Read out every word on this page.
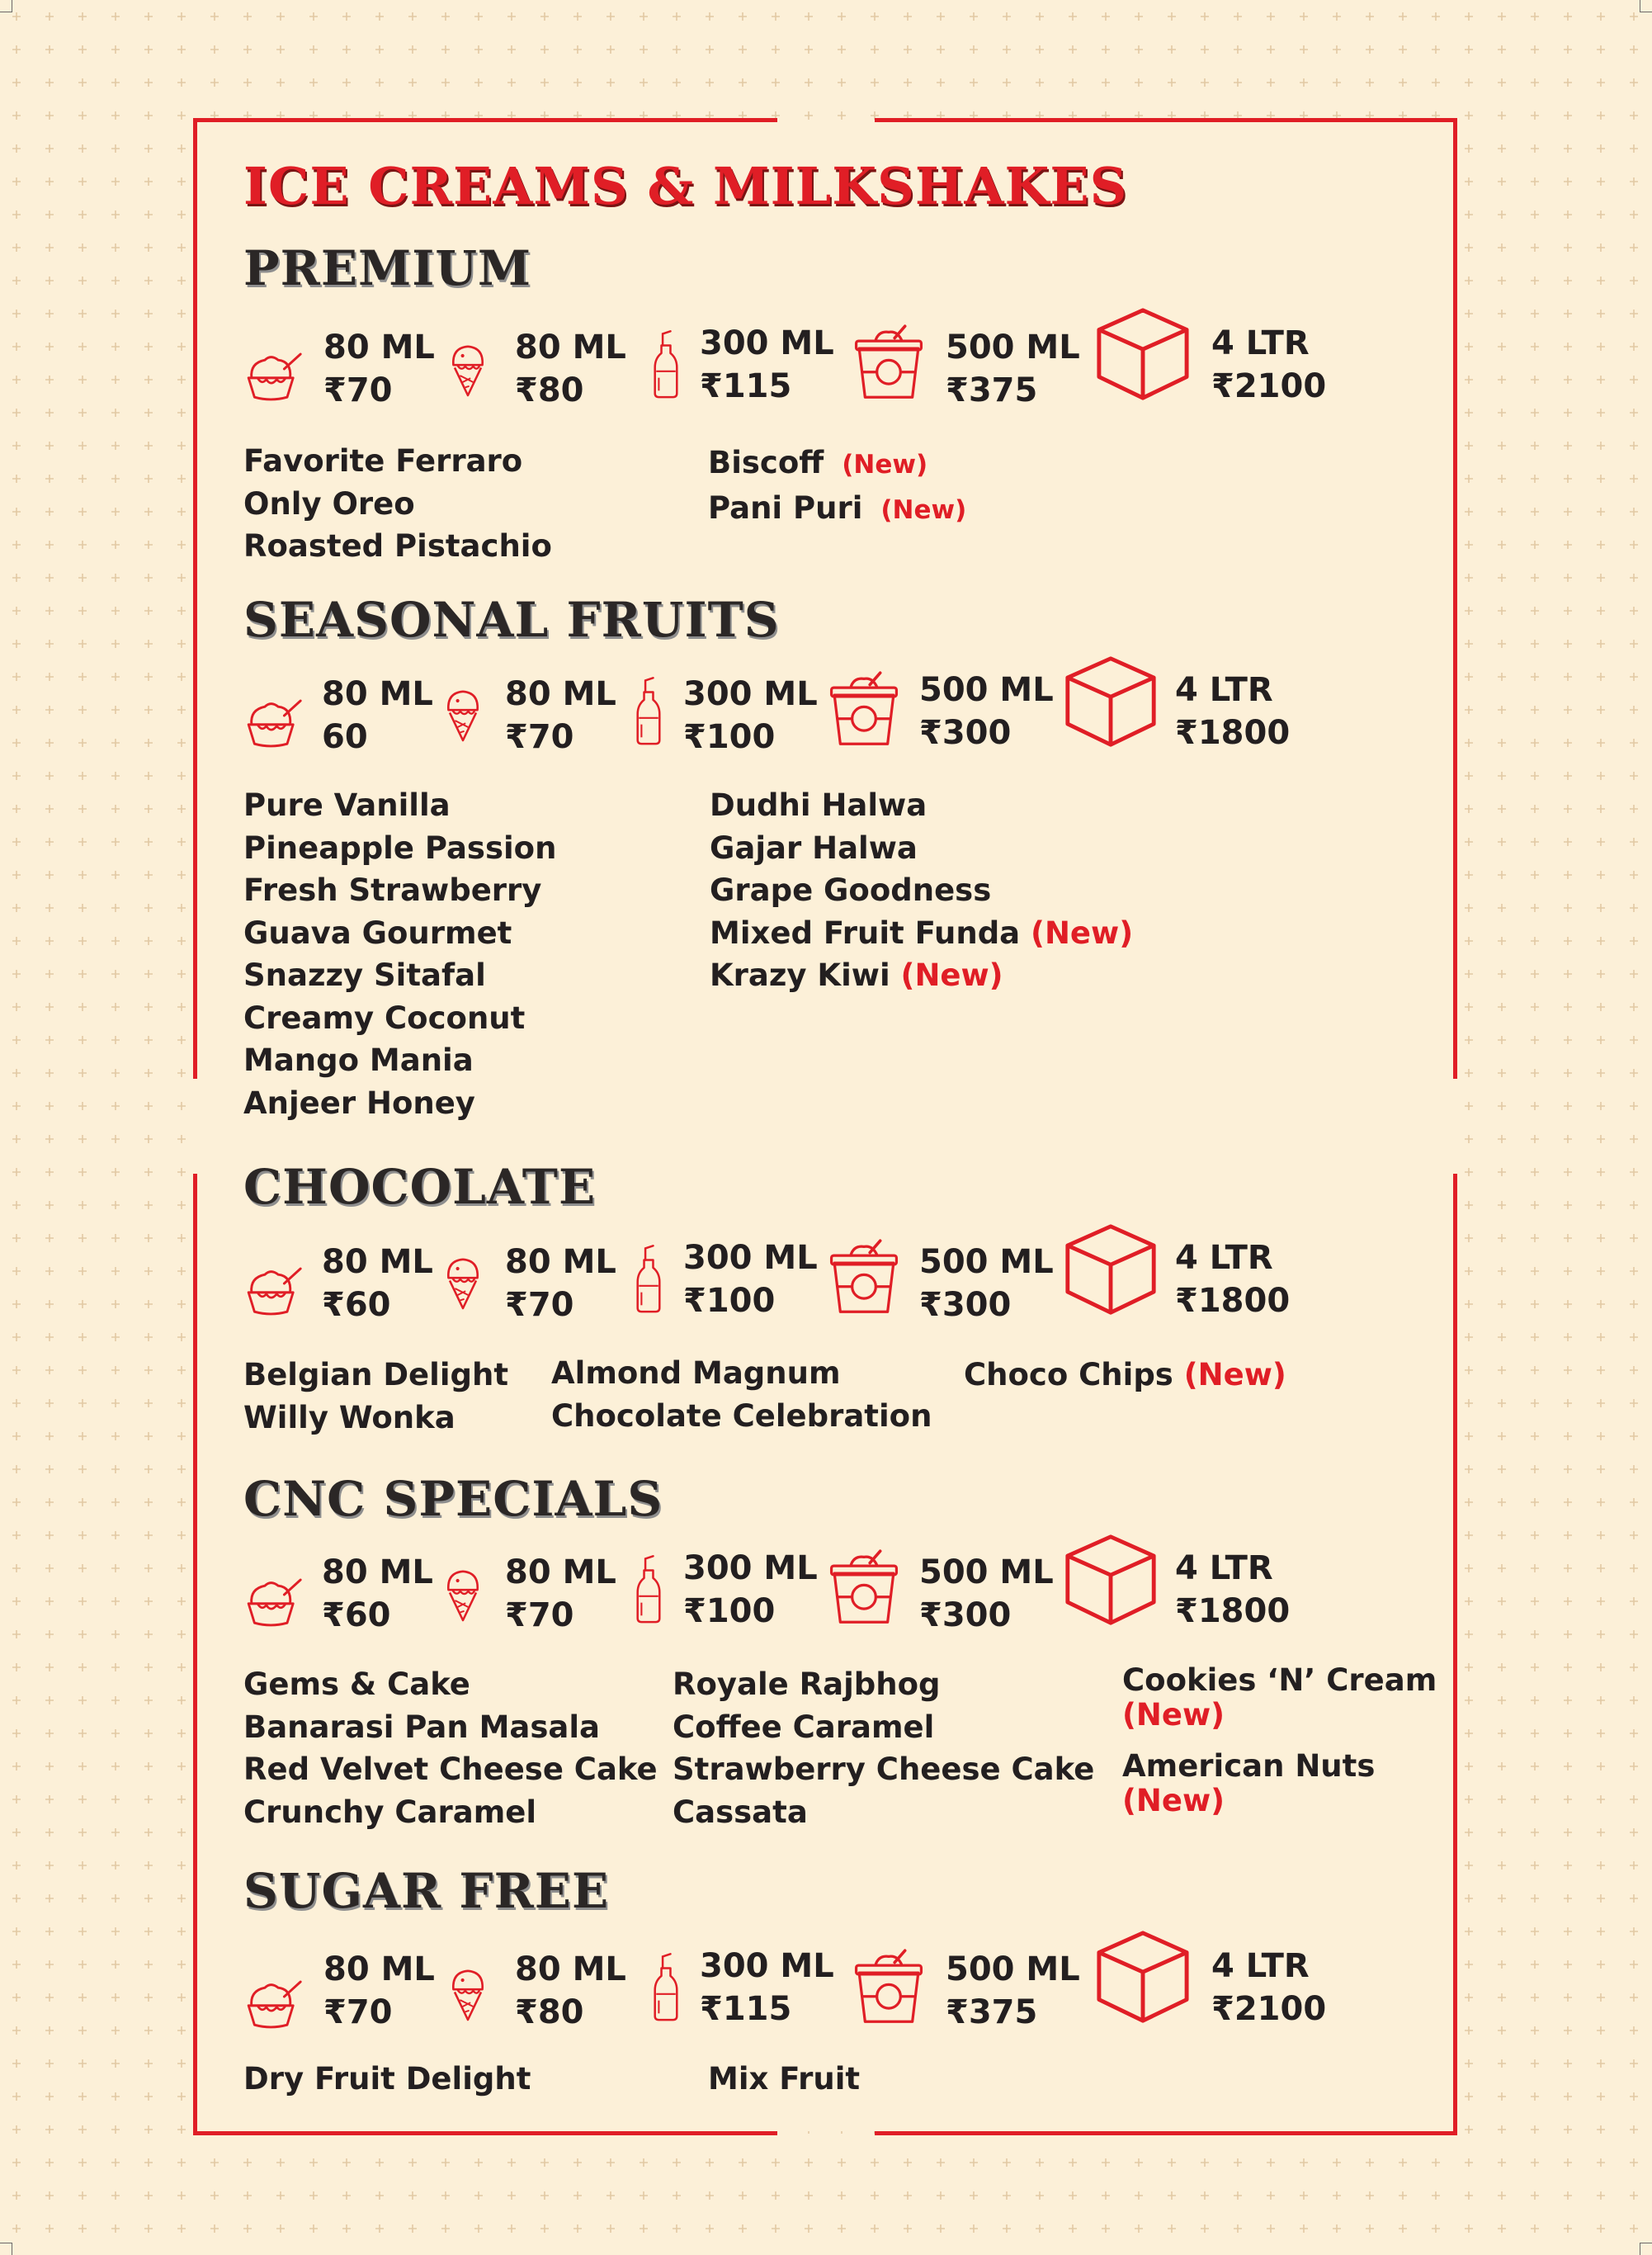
ICE CREAMS & MILKSHAKES
PREMIUM
80 ML
₹70
80 ML
₹80
300 ML
₹115
500 ML
₹375
4 LTR
₹2100
Favorite Ferraro
Only Oreo
Roasted Pistachio
Biscoff (New)
Pani Puri (New)
SEASONAL FRUITS
80 ML
60
80 ML
₹70
300 ML
₹100
500 ML
₹300
4 LTR
₹1800
Pure Vanilla
Pineapple Passion
Fresh Strawberry
Guava Gourmet
Snazzy Sitafal
Creamy Coconut
Mango Mania
Anjeer Honey
Dudhi Halwa
Gajar Halwa
Grape Goodness
Mixed Fruit Funda (New)
Krazy Kiwi (New)
CHOCOLATE
80 ML
₹60
80 ML
₹70
300 ML
₹100
500 ML
₹300
4 LTR
₹1800
Belgian Delight
Willy Wonka
Almond Magnum
Chocolate Celebration
Choco Chips (New)
CNC SPECIALS
80 ML
₹60
80 ML
₹70
300 ML
₹100
500 ML
₹300
4 LTR
₹1800
Gems & Cake
Banarasi Pan Masala
Red Velvet Cheese Cake
Crunchy Caramel
Royale Rajbhog
Coffee Caramel
Strawberry Cheese Cake
Cassata
Cookies ‘N’ Cream
(New)
American Nuts
(New)
SUGAR FREE
80 ML
₹70
80 ML
₹80
300 ML
₹115
500 ML
₹375
4 LTR
₹2100
Dry Fruit Delight	Mix Fruit
